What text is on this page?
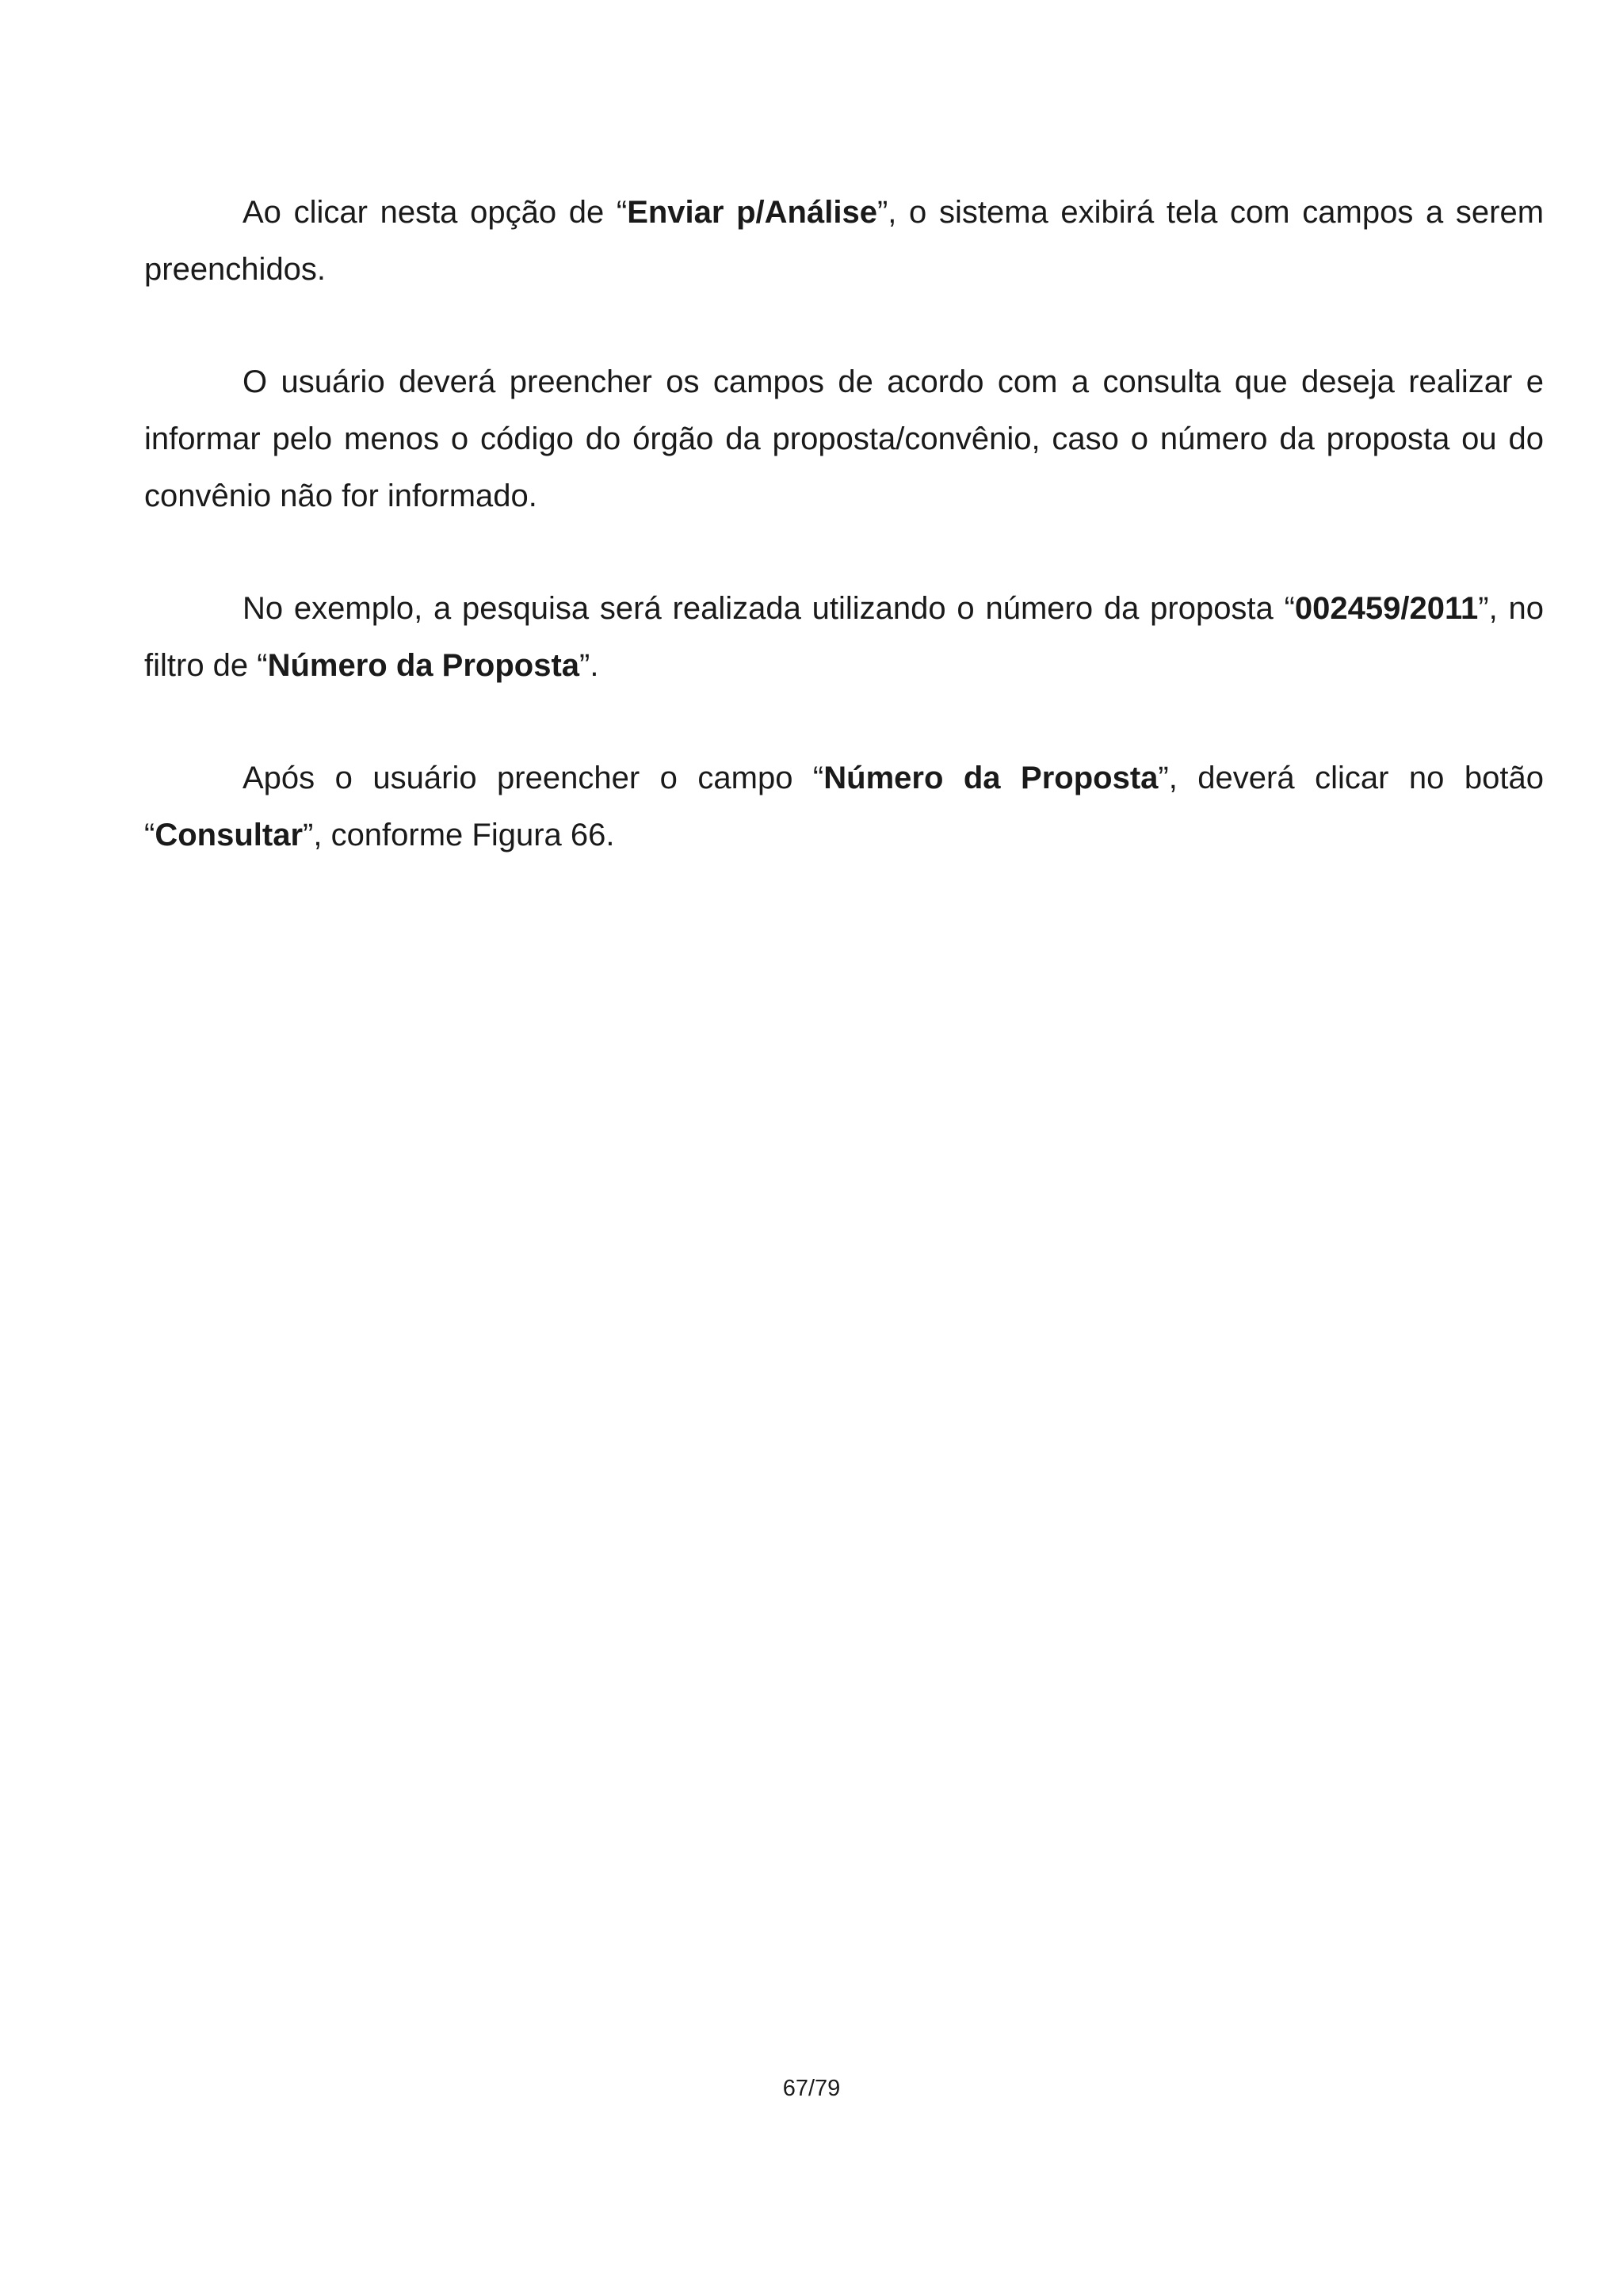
Ao clicar nesta opção de “Enviar p/Análise”, o sistema exibirá tela com campos a serem preenchidos.

O usuário deverá preencher os campos de acordo com a consulta que deseja realizar e informar pelo menos o código do órgão da proposta/convênio, caso o número da proposta ou do convênio não for informado.

No exemplo, a pesquisa será realizada utilizando o número da proposta “002459/2011”, no filtro de “Número da Proposta”.

Após o usuário preencher o campo “Número da Proposta”, deverá clicar no botão “Consultar”, conforme Figura 66.

67/79
